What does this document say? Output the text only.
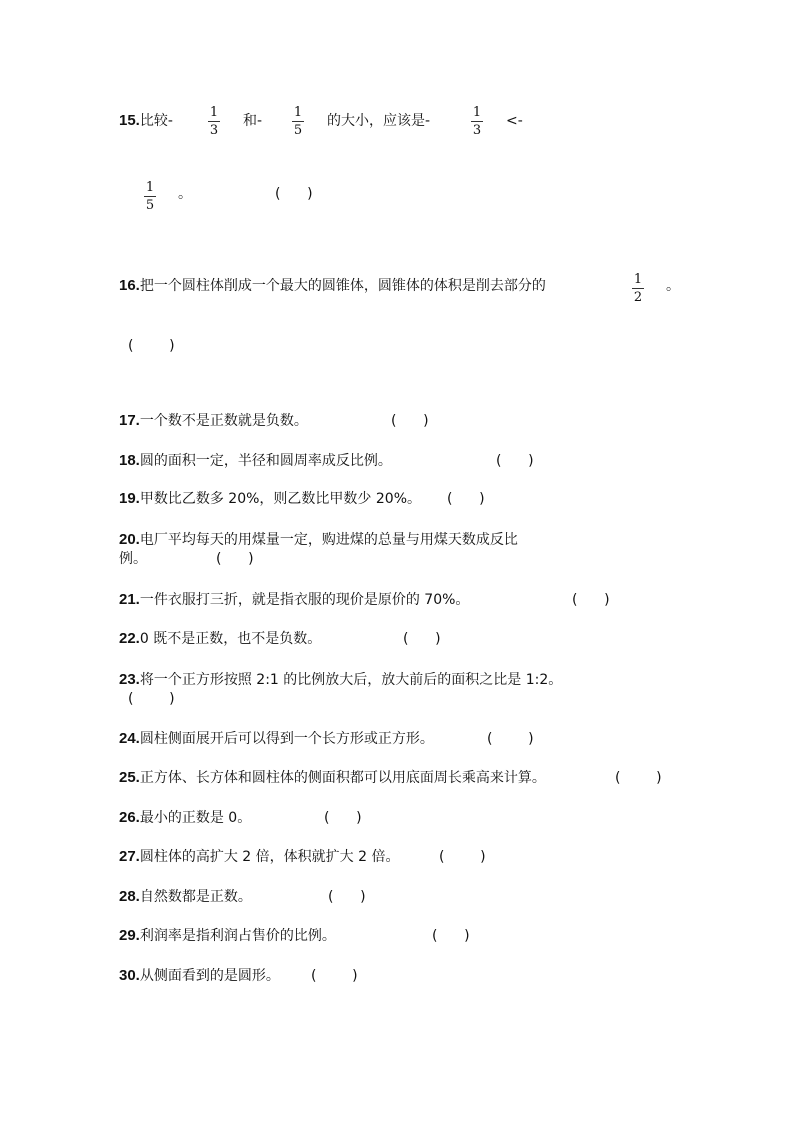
15.比较-
1
3
和-
1
5
的大小，应该是-
1
3
<-
1
5
。	(      )
16.把一个圆柱体削成一个最大的圆锥体，圆锥体的体积是削去部分的	1
2
。
(        )
17.一个数不是正数就是负数。	(      )
18.圆的面积一定，半径和圆周率成反比例。	(      )
19.甲数比乙数多 20%，则乙数比甲数少 20%。 (      )
20.电厂平均每天的用煤量一定，购进煤的总量与用煤天数成反比
例。	(      )
21.一件衣服打三折，就是指衣服的现价是原价的 70%。	(      )
22.0 既不是正数，也不是负数。	(      )
23.将一个正方形按照 2:1 的比例放大后，放大前后的面积之比是 1:2。
(        )
24.圆柱侧面展开后可以得到一个长方形或正方形。	(        )
25.正方体、长方体和圆柱体的侧面积都可以用底面周长乘高来计算。	(        )
26.最小的正数是 0。	(      )
27.圆柱体的高扩大 2 倍，体积就扩大 2 倍。	(        )
28.自然数都是正数。	(      )
29.利润率是指利润占售价的比例。	(      )
30.从侧面看到的是圆形。 (        )
